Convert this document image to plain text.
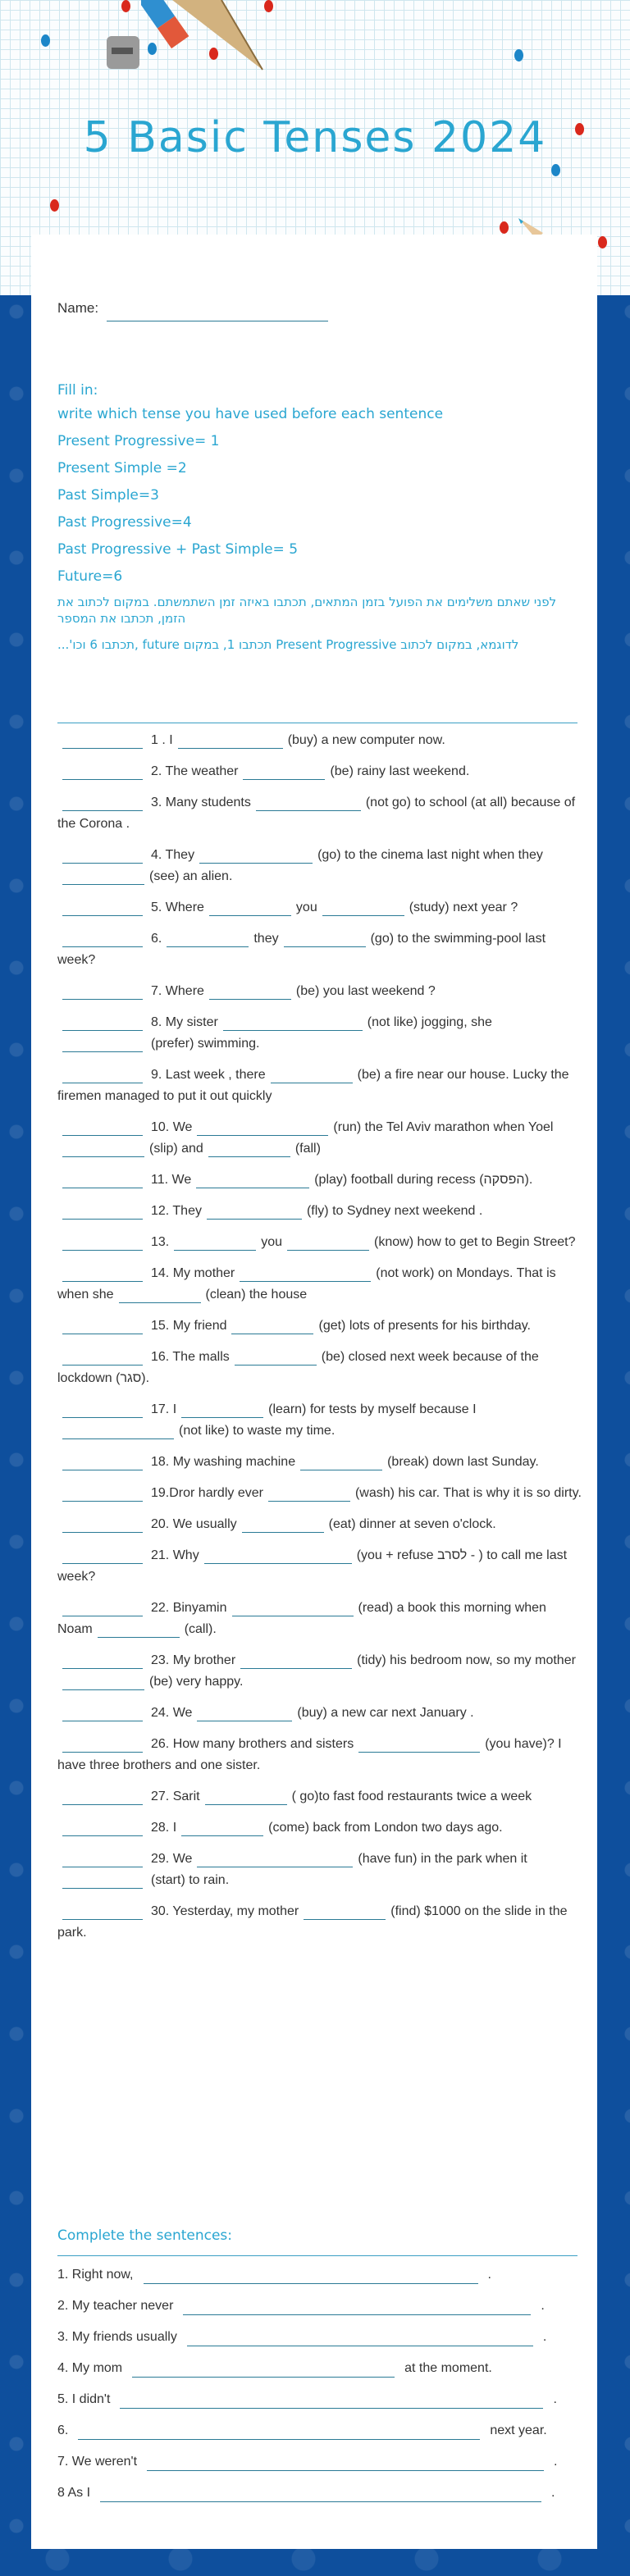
5 Basic Tenses 2024
Name:

Fill in:

write which tense you have used before each sentence

Present Progressive= 1

Present Simple =2

Past Simple=3

Past Progressive=4

Past Progressive + Past Simple= 5

Future=6

לפני שאתם משלימים את הפועל בזמן המתאים, תכתבו באיזה זמן השתמשתם. במקום לכתוב את הזמן, תכתבו את המספר

לדוגמא, במקום לכתוב Present Progressive תכתבו 1, במקום future ,תכתבו 6 וכו'...

1 . I	(buy) a new computer now.
2. The weather	(be) rainy last weekend.
3. Many students	(not go) to school (at all) because of the Corona .
4. They	(go) to the cinema last night when they(see) an alien.
5. Where	you	(study) next year ?
6.	they	(go) to the swimming-pool last week?
7. Where	(be) you last weekend ?
8. My sister	(not like) jogging, she
(prefer) swimming.
9. Last week , there	(be) a fire near our house. Lucky the firemen managed to put it out quickly
10. We	(run) the Tel Aviv marathon when Yoel(slip) and	(fall)
11. We	(play) football during recess (הפסקה).
12. They	(fly) to Sydney next weekend .
13.	you	(know) how to get to Begin Street?
14. My mother	(not work) on Mondays. That is when she	(clean) the house
15. My friend	(get) lots of presents for his birthday.
16. The malls	(be) closed next week because of the lockdown (סגר).
17. I	(learn) for tests by myself because I
(not like) to waste my time.
18. My washing machine	(break) down last Sunday.
19.Dror hardly ever	(wash) his car. That is why it is so dirty.
20. We usually	(eat) dinner at seven o'clock.
21. Why	(you + refuse לסרב - ) to call me last week?
22. Binyamin	(read) a book this morning when Noam	(call).
23. My brother	(tidy) his bedroom now, so my mother(be) very happy.
24. We	(buy) a new car next January .
26. How many brothers and sisters	(you have)? I have three brothers and one sister.
27. Sarit	( go)to fast food restaurants twice a week
28. I	(come) back from London two days ago.
29. We	(have fun) in the park when it
(start) to rain.
30. Yesterday, my mother	(find) $1000 on the slide in the park.

Complete the sentences:

1. Right now,	.
2. My teacher never	.
3. My friends usually	.
4. My mom	at the moment.
5. I didn't	.
6.	next year.
7. We weren't	.
8 As I	.
